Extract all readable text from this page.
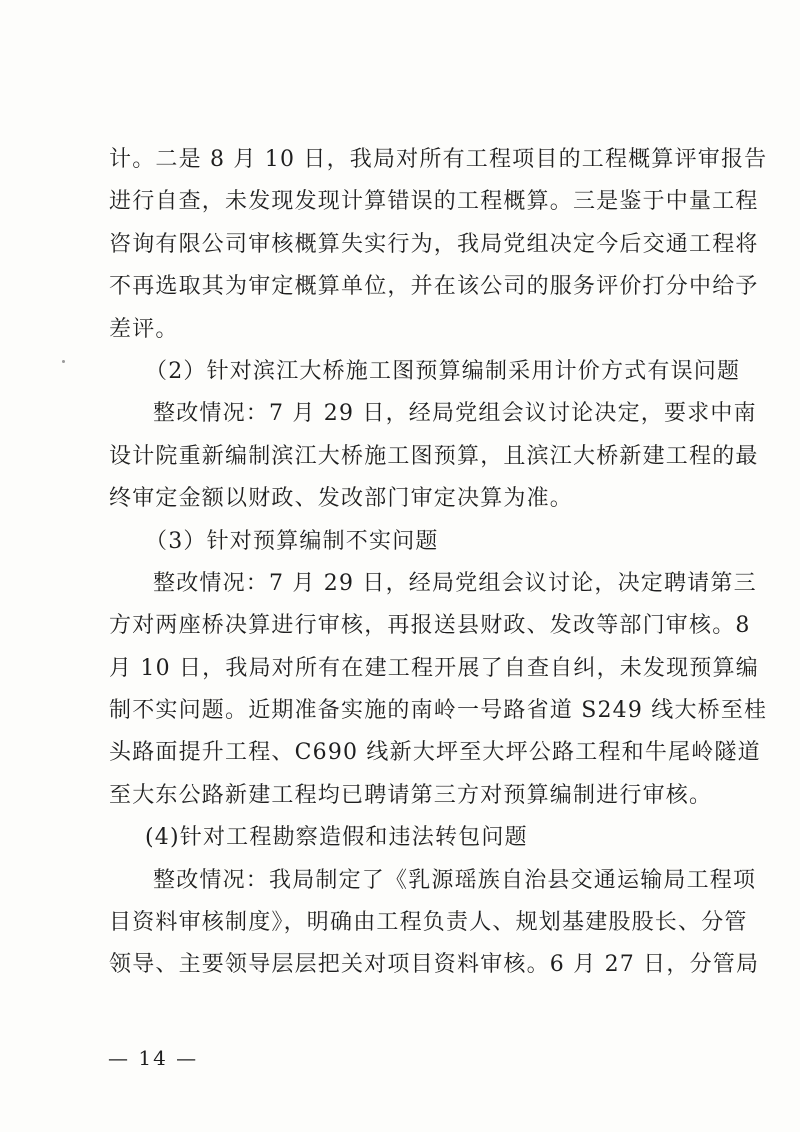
计。二是 8 月 10 日，我局对所有工程项目的工程概算评审报告
进行自查，未发现发现计算错误的工程概算。三是鉴于中量工程
咨询有限公司审核概算失实行为，我局党组决定今后交通工程将
不再选取其为审定概算单位，并在该公司的服务评价打分中给予
差评。
（2）针对滨江大桥施工图预算编制采用计价方式有误问题
整改情况：7 月 29 日，经局党组会议讨论决定，要求中南
设计院重新编制滨江大桥施工图预算，且滨江大桥新建工程的最
终审定金额以财政、发改部门审定决算为准。
（3）针对预算编制不实问题
整改情况：7 月 29 日，经局党组会议讨论，决定聘请第三
方对两座桥决算进行审核，再报送县财政、发改等部门审核。8
月 10 日，我局对所有在建工程开展了自查自纠，未发现预算编
制不实问题。近期准备实施的南岭一号路省道 S249 线大桥至桂
头路面提升工程、C690 线新大坪至大坪公路工程和牛尾岭隧道
至大东公路新建工程均已聘请第三方对预算编制进行审核。
(4)针对工程勘察造假和违法转包问题
整改情况：我局制定了《乳源瑶族自治县交通运输局工程项
目资料审核制度》，明确由工程负责人、规划基建股股长、分管
领导、主要领导层层把关对项目资料审核。6 月 27 日，分管局
— 14 —
